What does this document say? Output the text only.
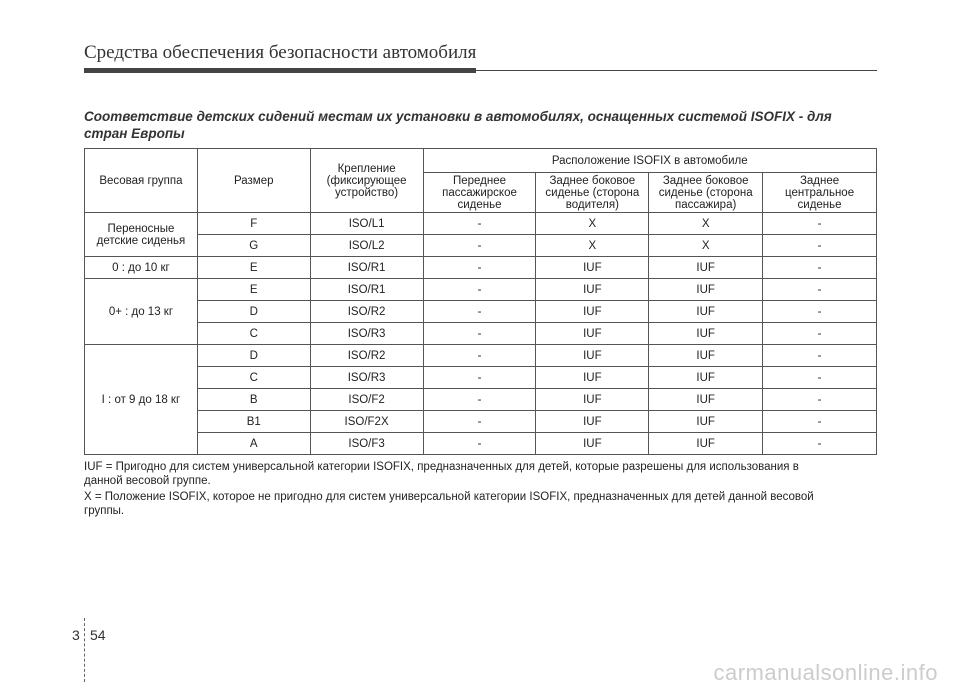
Средства обеспечения безопасности автомобиля
Соответствие детских сидений местам их установки в автомобилях, оснащенных системой ISOFIX - для стран Европы
Весовая группа	Размер	Крепление (фиксирующее устройство)	Расположение ISOFIX в автомобиле			
			Переднее пассажирское сиденье	Заднее боковое сиденье (сторона водителя)	Заднее боковое сиденье (сторона пассажира)	Заднее центральное сиденье
Переносные детские сиденья	F	ISO/L1	-	X	X	-
	G	ISO/L2	-	X	X	-
0 : до 10 кг	E	ISO/R1	-	IUF	IUF	-
0+ : до 13 кг	E	ISO/R1	-	IUF	IUF	-
	D	ISO/R2	-	IUF	IUF	-
	C	ISO/R3	-	IUF	IUF	-
I : от 9 до 18 кг	D	ISO/R2	-	IUF	IUF	-
	C	ISO/R3	-	IUF	IUF	-
	B	ISO/F2	-	IUF	IUF	-
	B1	ISO/F2X	-	IUF	IUF	-
	A	ISO/F3	-	IUF	IUF	-
IUF = Пригодно для систем универсальной категории ISOFIX, предназначенных для детей, которые разрешены для использования в
данной весовой группе.
X = Положение ISOFIX, которое не пригодно для систем универсальной категории ISOFIX, предназначенных для детей данной весовой
группы.
3 54
carmanualsonline.info
